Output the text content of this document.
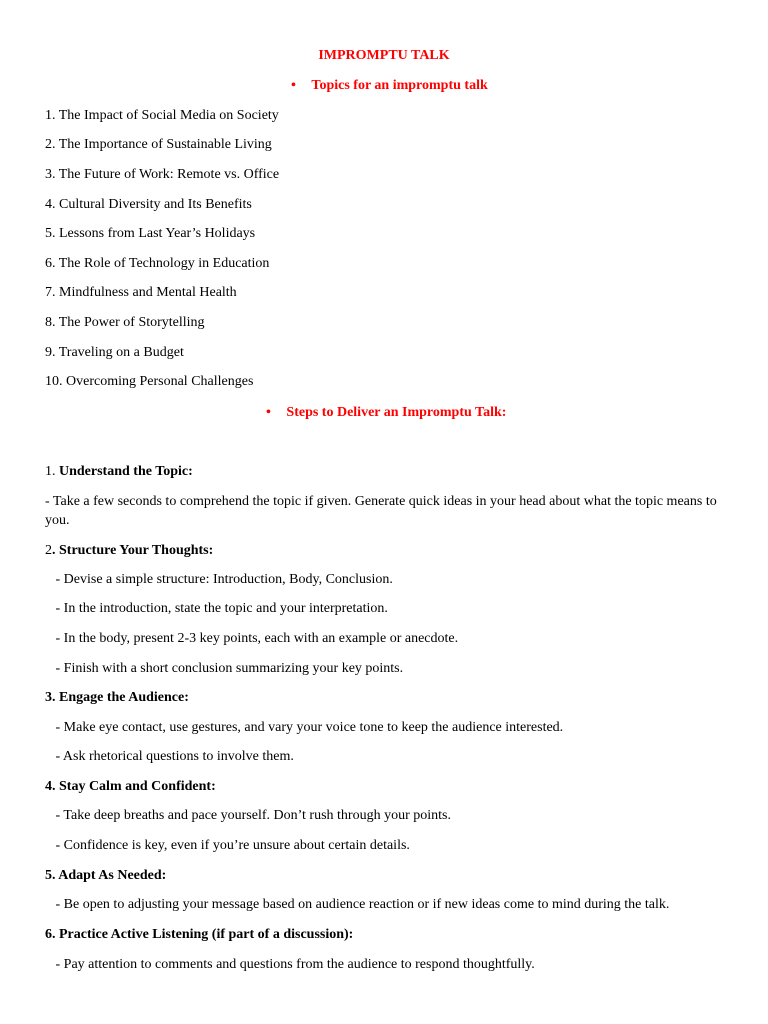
IMPROMPTU TALK
• Topics for an impromptu talk
1. The Impact of Social Media on Society
2. The Importance of Sustainable Living
3. The Future of Work: Remote vs. Office
4. Cultural Diversity and Its Benefits
5. Lessons from Last Year’s Holidays
6. The Role of Technology in Education
7. Mindfulness and Mental Health
8. The Power of Storytelling
9. Traveling on a Budget
10. Overcoming Personal Challenges
• Steps to Deliver an Impromptu Talk:
1. Understand the Topic:
- Take a few seconds to comprehend the topic if given. Generate quick ideas in your head about what the topic means to you.
2. Structure Your Thoughts:
- Devise a simple structure: Introduction, Body, Conclusion.
- In the introduction, state the topic and your interpretation.
- In the body, present 2-3 key points, each with an example or anecdote.
- Finish with a short conclusion summarizing your key points.
3. Engage the Audience:
- Make eye contact, use gestures, and vary your voice tone to keep the audience interested.
- Ask rhetorical questions to involve them.
4. Stay Calm and Confident:
- Take deep breaths and pace yourself. Don’t rush through your points.
- Confidence is key, even if you’re unsure about certain details.
5. Adapt As Needed:
- Be open to adjusting your message based on audience reaction or if new ideas come to mind during the talk.
6. Practice Active Listening (if part of a discussion):
- Pay attention to comments and questions from the audience to respond thoughtfully.
